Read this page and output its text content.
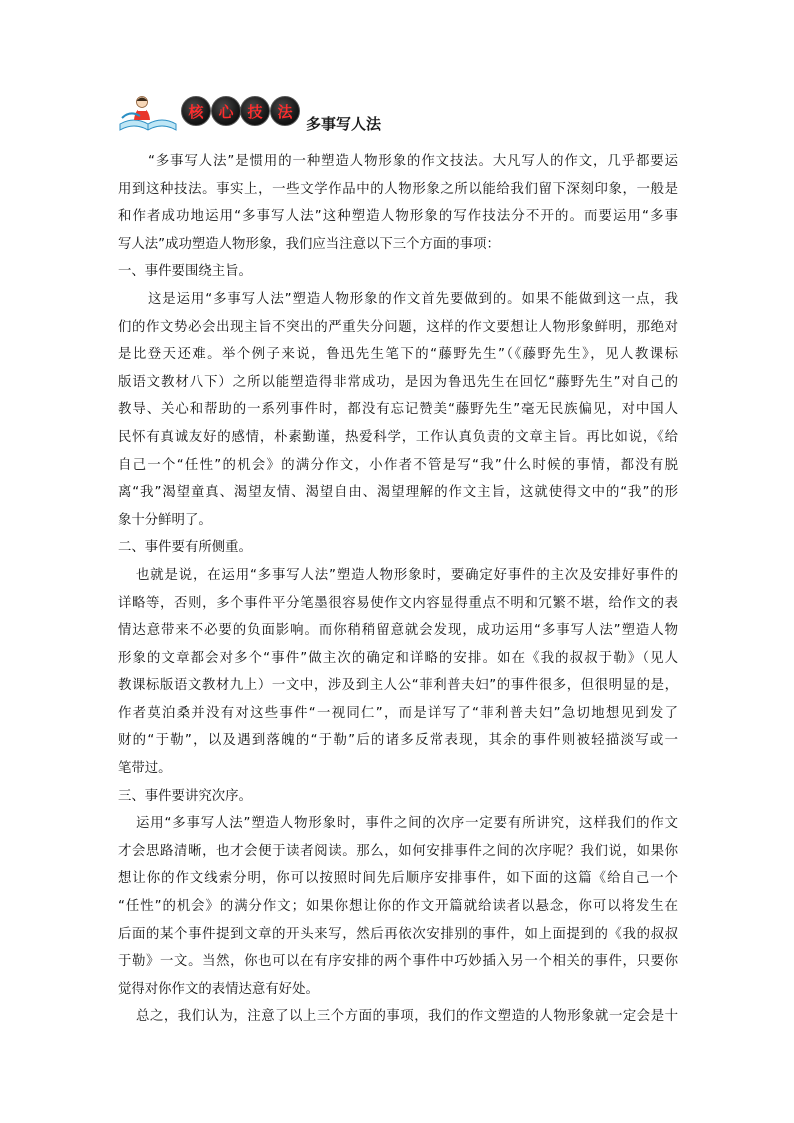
核 心 技 法
多事写人法
“多事写人法”是惯用的一种塑造人物形象的作文技法。大凡写人的作文，几乎都要运
用到这种技法。事实上，一些文学作品中的人物形象之所以能给我们留下深刻印象，一般是
和作者成功地运用“多事写人法”这种塑造人物形象的写作技法分不开的。而要运用“多事
写人法”成功塑造人物形象，我们应当注意以下三个方面的事项：
一、事件要围绕主旨。
这是运用“多事写人法”塑造人物形象的作文首先要做到的。如果不能做到这一点，我
们的作文势必会出现主旨不突出的严重失分问题，这样的作文要想让人物形象鲜明，那绝对
是比登天还难。举个例子来说，鲁迅先生笔下的“藤野先生”（《藤野先生》，见人教课标
版语文教材八下）之所以能塑造得非常成功，是因为鲁迅先生在回忆“藤野先生”对自己的
教导、关心和帮助的一系列事件时，都没有忘记赞美“藤野先生”毫无民族偏见，对中国人
民怀有真诚友好的感情，朴素勤谨，热爱科学，工作认真负责的文章主旨。再比如说，《给
自己一个“任性”的机会》的满分作文，小作者不管是写“我”什么时候的事情，都没有脱
离“我”渴望童真、渴望友情、渴望自由、渴望理解的作文主旨，这就使得文中的“我”的形
象十分鲜明了。
二、事件要有所侧重。
也就是说，在运用“多事写人法”塑造人物形象时，要确定好事件的主次及安排好事件的
详略等，否则，多个事件平分笔墨很容易使作文内容显得重点不明和冗繁不堪，给作文的表
情达意带来不必要的负面影响。而你稍稍留意就会发现，成功运用“多事写人法”塑造人物
形象的文章都会对多个“事件”做主次的确定和详略的安排。如在《我的叔叔于勒》（见人
教课标版语文教材九上）一文中，涉及到主人公“菲利普夫妇”的事件很多，但很明显的是，
作者莫泊桑并没有对这些事件“一视同仁”，而是详写了“菲利普夫妇”急切地想见到发了
财的“于勒”，以及遇到落魄的“于勒”后的诸多反常表现，其余的事件则被轻描淡写或一
笔带过。
三、事件要讲究次序。
运用“多事写人法”塑造人物形象时，事件之间的次序一定要有所讲究，这样我们的作文
才会思路清晰，也才会便于读者阅读。那么，如何安排事件之间的次序呢？我们说，如果你
想让你的作文线索分明，你可以按照时间先后顺序安排事件，如下面的这篇《给自己一个
“任性”的机会》的满分作文；如果你想让你的作文开篇就给读者以悬念，你可以将发生在
后面的某个事件提到文章的开头来写，然后再依次安排别的事件，如上面提到的《我的叔叔
于勒》一文。当然，你也可以在有序安排的两个事件中巧妙插入另一个相关的事件，只要你
觉得对你作文的表情达意有好处。
总之，我们认为，注意了以上三个方面的事项，我们的作文塑造的人物形象就一定会是十
